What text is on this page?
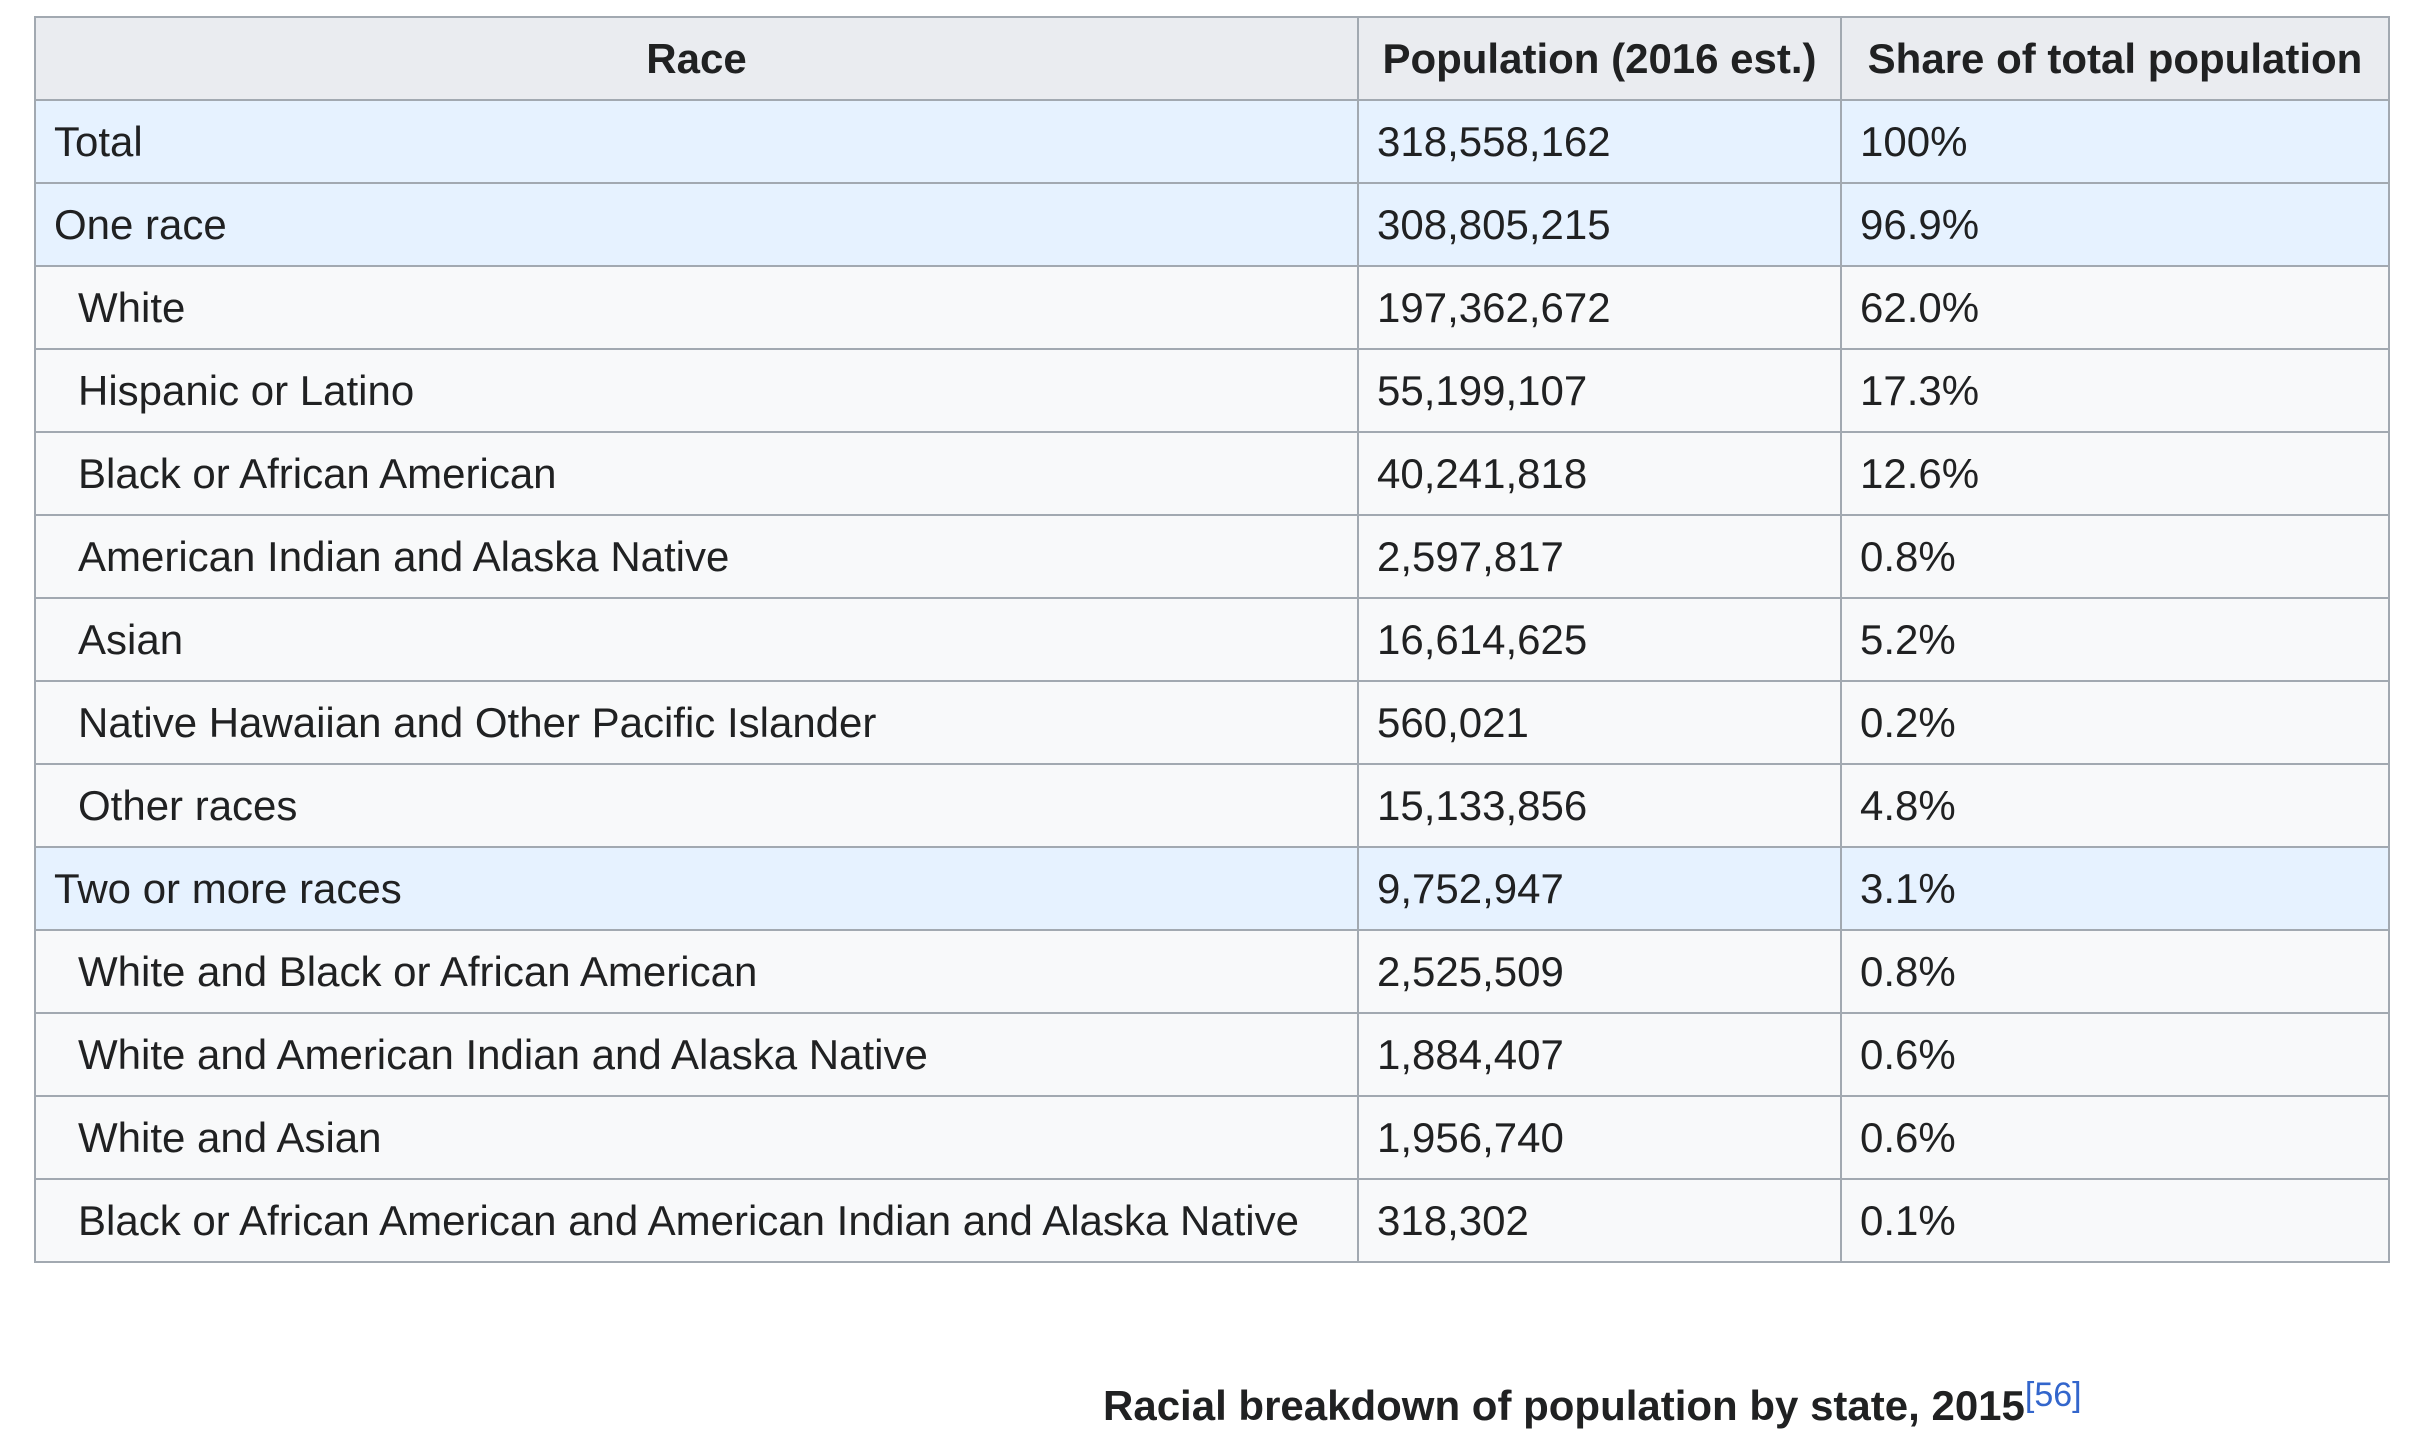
Race	Population (2016 est.)	Share of total population
Total	318,558,162	100%
One race	308,805,215	96.9%
White	197,362,672	62.0%
Hispanic or Latino	55,199,107	17.3%
Black or African American	40,241,818	12.6%
American Indian and Alaska Native	2,597,817	0.8%
Asian	16,614,625	5.2%
Native Hawaiian and Other Pacific Islander	560,021	0.2%
Other races	15,133,856	4.8%
Two or more races	9,752,947	3.1%
White and Black or African American	2,525,509	0.8%
White and American Indian and Alaska Native	1,884,407	0.6%
White and Asian	1,956,740	0.6%
Black or African American and American Indian and Alaska Native	318,302	0.1%
Racial breakdown of population by state, 2015[56]
